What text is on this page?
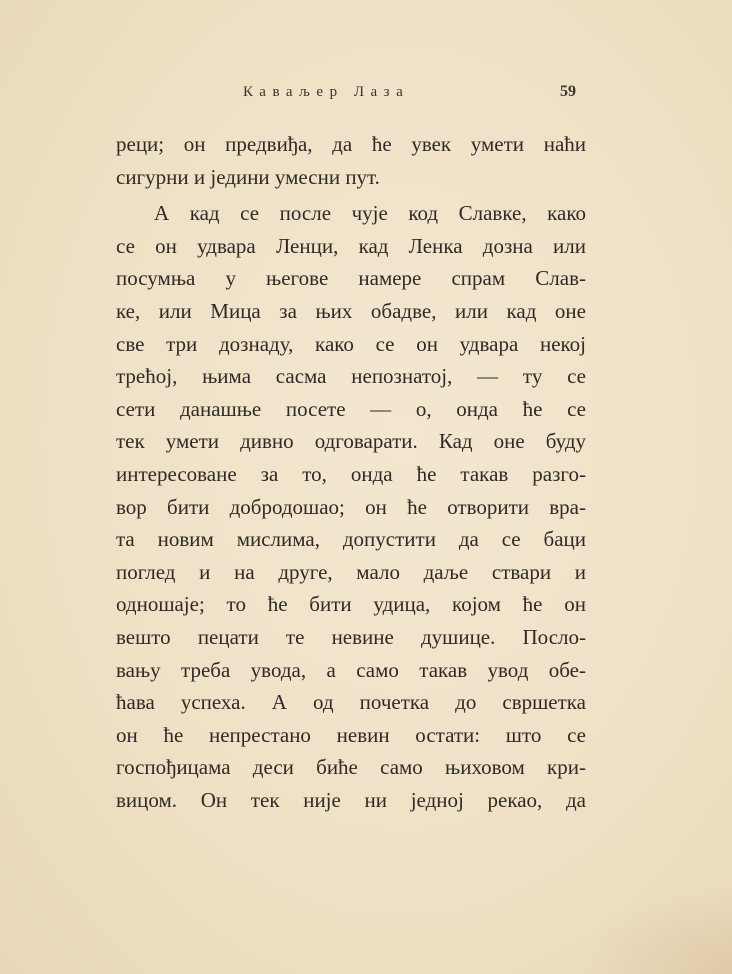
Каваљер Лаза	59
реци; он предвиђа, да ће увек умети наћи
сигурни и једини умесни пут.
А кад се после чује код Славке, како
се он удвара Ленци, кад Ленка дозна или
посумња у његове намере спрам Слав-
ке, или Мица за њих обадве, или кад оне
све три дознаду, како се он удвара некој
трећој, њима сасма непознатој, — ту се
сети данашње посете — о, онда ће се
тек умети дивно одговарати. Кад оне буду
интересоване за то, онда ће такав разго-
вор бити добродошао; он ће отворити вра-
та новим мислима, допустити да се баци
поглед и на друге, мало даље ствари и
одношаје; то ће бити удица, којом ће он
вешто пецати те невине душице. Посло-
вању треба увода, а само такав увод обе-
ћава успеха. А од почетка до свршетка
он ће непрестано невин остати: што се
госпођицама деси биће само њиховом кри-
вицом. Он тек није ни једној рекао, да
